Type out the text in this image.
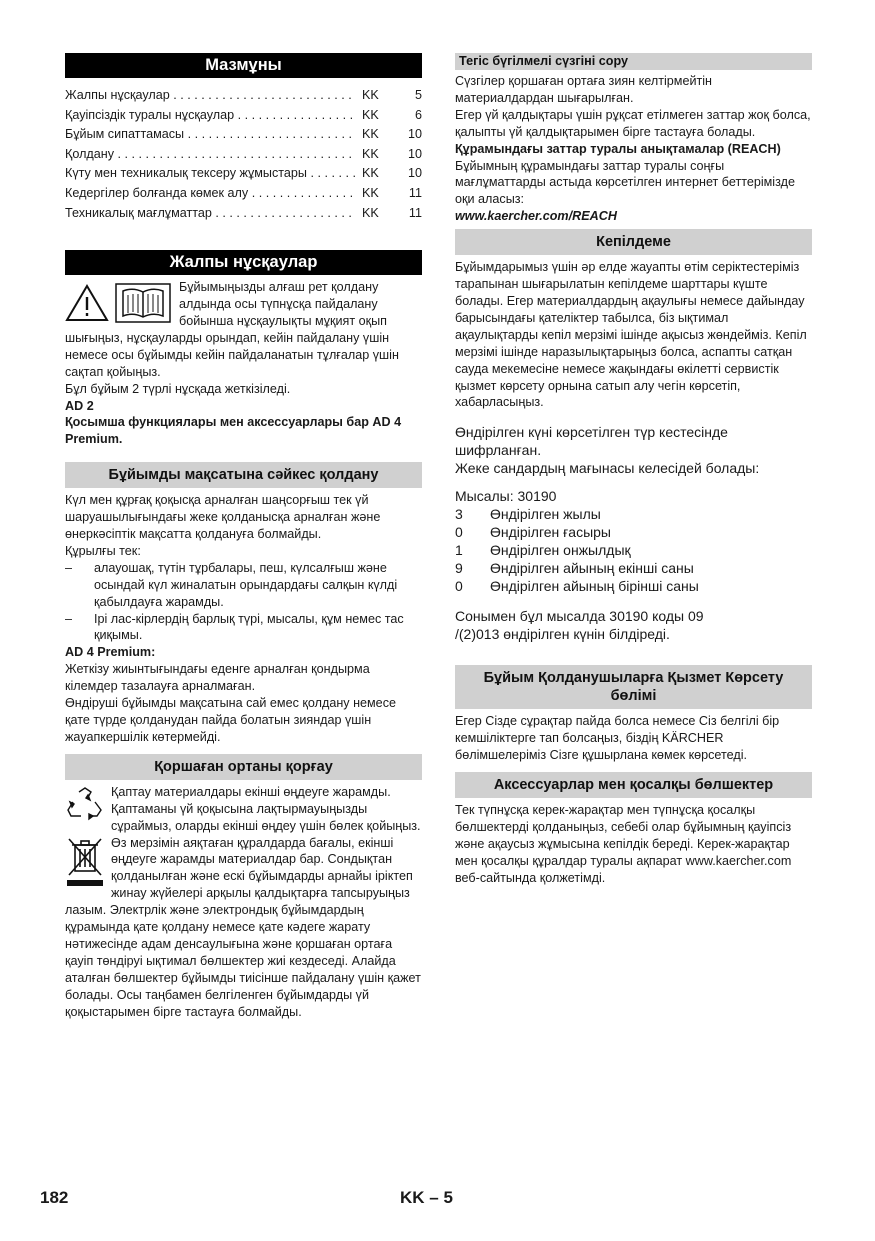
Мазмұны
Жалпы нұсқаулар . . .	KK	5
Қауіпсіздік туралы нұсқаулар . . .	KK	6
Бұйым сипаттамасы . . .	KK	10
Қолдану . . .	KK	10
Күту мен техникалық тексеру жұмыстары . . .	KK	10
Кедергілер болғанда көмек алу . . .	KK	11
Техникалық мағлұматтар . . .	KK	11
Жалпы нұсқаулар

Бұйымыңызды алғаш рет қолдану алдында осы түпнұсқа пайдалану бойынша нұсқаулықты мұқият оқып шығыңыз, нұсқауларды орындап, кейін пайдалану үшін немесе осы бұйымды кейін пайдаланатын тұлғалар үшін сақтап қойыңыз.

Бұл бұйым 2 түрлі нұсқада жеткізіледі.

AD 2

Қосымша функциялары мен аксессуарлары бар AD 4 Premium.

Бұйымды мақсатына сәйкес қолдану

Күл мен құрғақ қоқысқа арналған шаңсорғыш тек үй шаруашылығындағы жеке қолданысқа арналған және өнеркәсіптік мақсатта қолдануға болмайды.

Құрылғы тек:

–	алауошақ, түтін тұрбалары, пеш, күлсалғыш және осындай күл жиналатын орындардағы салқын күлді қабылдауға жарамды.
–	Ірі лас-кірлердің барлық түрі, мысалы, құм немес тас қиқымы.

AD 4 Premium:

Жеткізу жиынтығындағы еденге арналған қондырма кілемдер тазалауға арналмаған.

Өндіруші бұйымды мақсатына сай емес қолдану немесе қате түрде қолданудан пайда болатын зияндар үшін жауапкершілік көтермейді.

Қоршаған ортаны қорғау

Қаптау материалдары екінші өңдеуге жарамды. Қаптаманы үй қоқысына лақтырмауыңызды сұраймыз, оларды екінші өңдеу үшін бөлек қойыңыз.

Өз мерзімін аяқтаған құралдарда бағалы, екінші өңдеуге жарамды материалдар бар. Сондықтан қолданылған және ескі бұйымдарды арнайы іріктеп жинау жүйелері арқылы қалдықтарға тапсыруыңыз лазым. Электрлік және электрондық бұйымдардың құрамында қате қолдану немесе қате кәдеге жарату нәтижесінде адам денсаулығына және қоршаған ортаға қауіп төндіруі ықтимал бөлшектер жиі кездеседі. Алайда аталған бөлшектер бұйымды тиісінше пайдалану үшін қажет болады. Осы таңбамен белгіленген бұйымдарды үй қоқыстарымен бірге тастауға болмайды.

Тегіс бүгілмелі сүзгіні сору

Сүзгілер қоршаған ортаға зиян келтірмейтін материалдардан шығарылған.

Егер үй қалдықтары үшін рұқсат етілмеген заттар жоқ болса, қалыпты үй қалдықтарымен бірге тастауға болады.

Құрамындағы заттар туралы анықтамалар (REACH)

Бұйымның құрамындағы заттар туралы соңғы мағлұматтарды астыда көрсетілген интернет беттерімізде оқи аласыз:

www.kaercher.com/REACH

Кепілдеме

Бұйымдарымыз үшін әр елде жауапты өтім серіктестеріміз тарапынан шығарылатын кепілдеме шарттары күште болады. Егер материалдардың ақаулығы немесе дайындау барысындағы қателіктер табылса, біз ықтимал ақаулықтарды кепіл мерзімі ішінде ақысыз жөндейміз. Кепіл мерзімі ішінде наразылықтарыңыз болса, аспапты сатқан сауда мекемесіне немесе жақындағы өкілетті сервистік қызмет көрсету орнына сатып алу чегін көрсетіп, хабарласыңыз.

Өндірілген күні көрсетілген түр кестесінде шифрланған.

Жеке сандардың мағынасы келесідей болады:

Мысалы: 30190

3	Өндірілген жылы
0	Өндірілген ғасыры
1	Өндірілген онжылдық
9	Өндірілген айының екінші саны
0	Өндірілген айының бірінші саны

Сонымен бұл мысалда 30190 коды 09 /(2)013 өндірілген күнін білдіреді.

Бұйым Қолданушыларға Қызмет Көрсету бөлімі

Егер Сізде сұрақтар пайда болса немесе Сіз белгілі бір кемшіліктерге тап болсаңыз, біздің KÄRCHER бөлімшелеріміз Сізге құшырлана көмек көрсетеді.

Аксессуарлар мен қосалқы бөлшектер

Тек түпнұсқа керек-жарақтар мен түпнұсқа қосалқы бөлшектерді қолданыңыз, себебі олар бұйымның қауіпсіз және ақаусыз жұмысына кепілдік береді. Керек-жарақтар мен қосалқы құралдар туралы ақпарат www.kaercher.com веб-сайтында қолжетімді.

182	KK – 5
